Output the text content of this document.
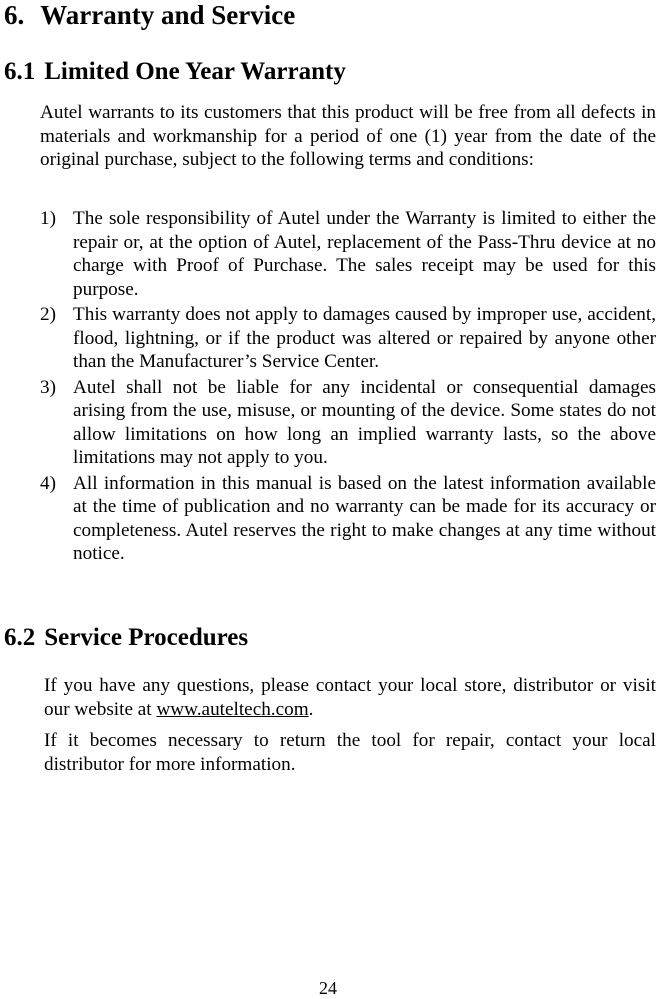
6. Warranty and Service
6.1 Limited One Year Warranty

Autel warrants to its customers that this product will be free from all defects in materials and workmanship for a period of one (1) year from the date of the original purchase, subject to the following terms and conditions:

1) The sole responsibility of Autel under the Warranty is limited to either the repair or, at the option of Autel, replacement of the Pass-Thru device at no charge with Proof of Purchase. The sales receipt may be used for this purpose.
2) This warranty does not apply to damages caused by improper use, accident, flood, lightning, or if the product was altered or repaired by anyone other than the Manufacturer’s Service Center.
3) Autel shall not be liable for any incidental or consequential damages arising from the use, misuse, or mounting of the device. Some states do not allow limitations on how long an implied warranty lasts, so the above limitations may not apply to you.
4) All information in this manual is based on the latest information available at the time of publication and no warranty can be made for its accuracy or completeness. Autel reserves the right to make changes at any time without notice.
6.2 Service Procedures

If you have any questions, please contact your local store, distributor or visit our website at www.auteltech.com.

If it becomes necessary to return the tool for repair, contact your local distributor for more information.

24
